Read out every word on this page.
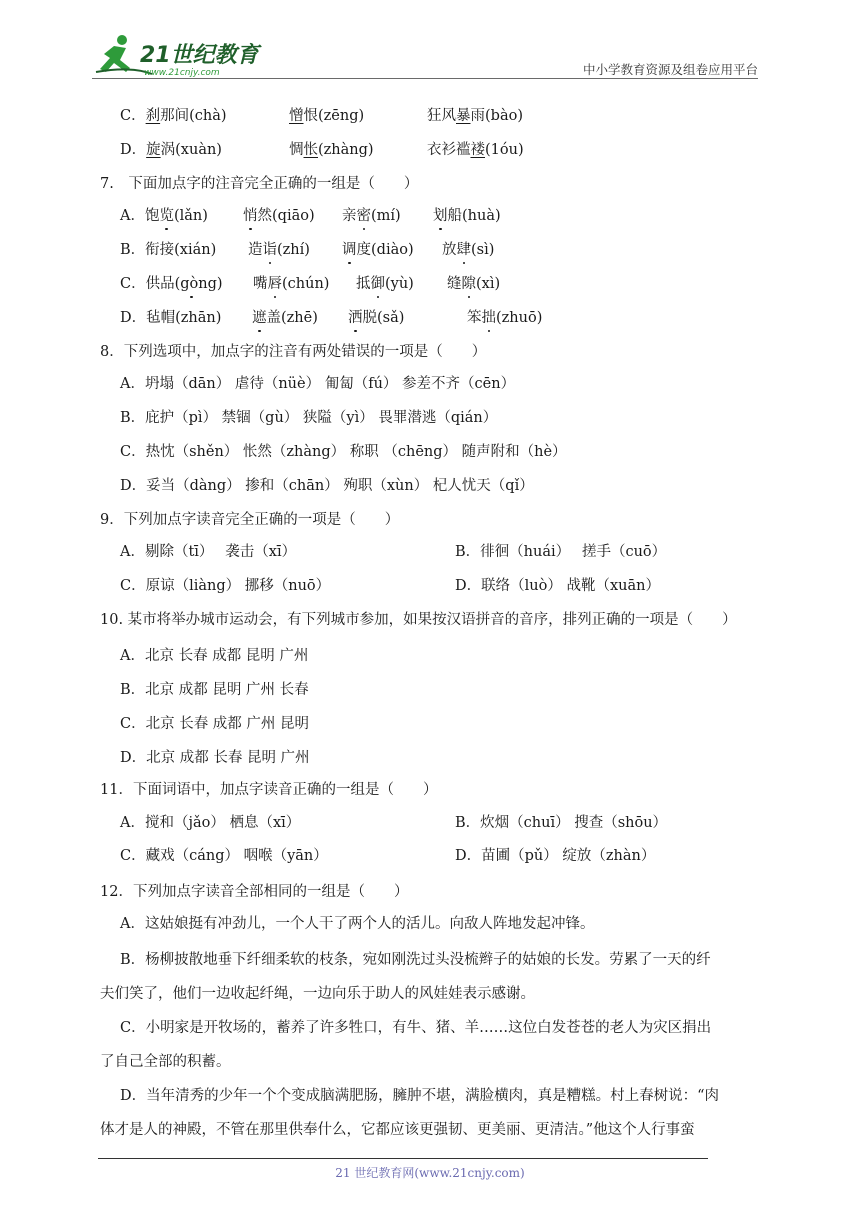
21世纪教育
www.21cnjy.com	中小学教育资源及组卷应用平台
C．刹那间(chà)	憎恨(zēng)	狂风暴雨(bào)
D．旋涡(xuàn)	惆怅(zhàng)	衣衫褴褛(1óu)
7.　下面加点字的注音完全正确的一组是（　　）
A．饱览(lǎn) 悄然(qiāo) 亲密(mí) 划船(huà)
B．衔接(xián) 造诣(zhí) 调度(diào) 放肆(sì)
C．供品(gòng) 嘴唇(chún) 抵御(yù) 缝隙(xì)
D．毡帽(zhān) 遮盖(zhē) 洒脱(sǎ)	笨拙(zhuō)
8．下列选项中，加点字的注音有两处错误的一项是（　　）
A．坍塌（dān） 虐待（nüè） 匍匐（fú） 参差不齐（cēn）
B．庇护（pì） 禁锢（gù） 狭隘（yì） 畏罪潜逃（qián）
C．热忱（shěn） 怅然（zhàng） 称职 （chēng） 随声附和（hè）
D．妥当（dàng） 掺和（chān） 殉职（xùn） 杞人忧天（qǐ）
9．下列加点字读音完全正确的一项是（　　）
A．剔除（tī）　 袭击（xī）	B．徘徊（huái）　 搓手（cuō）
C．原谅（liàng） 挪移（nuō）	D．联络（luò） 战靴（xuān）
10. 某市将举办城市运动会，有下列城市参加，如果按汉语拼音的音序，排列正确的一项是（　　）
A．北京 长春 成都 昆明 广州
B．北京 成都 昆明 广州 长春
C．北京 长春 成都 广州 昆明
D．北京 成都 长春 昆明 广州
11．下面词语中，加点字读音正确的一组是（　　）
A．搅和（jǎo） 栖息（xī）	B．炊烟（chuī） 搜查（shōu）
C．藏戏（cáng） 咽喉（yān）	D．苗圃（pǔ） 绽放（zhàn）
12．下列加点字读音全部相同的一组是（　　）
A．这姑娘挺有冲劲儿，一个人干了两个人的活儿。向敌人阵地发起冲锋。
B．杨柳披散地垂下纤细柔软的枝条，宛如刚洗过头没梳辫子的姑娘的长发。劳累了一天的纤
夫们笑了，他们一边收起纤绳，一边向乐于助人的风娃娃表示感谢。
C．小明家是开牧场的，蓄养了许多牲口，有牛、猪、羊……这位白发苍苍的老人为灾区捐出
了自己全部的积蓄。
D．当年清秀的少年一个个变成脑满肥肠，臃肿不堪，满脸横肉，真是糟糕。村上春树说：“肉
体才是人的神殿，不管在那里供奉什么，它都应该更强韧、更美丽、更清洁。”他这个人行事蛮
21 世纪教育网(www.21cnjy.com)
